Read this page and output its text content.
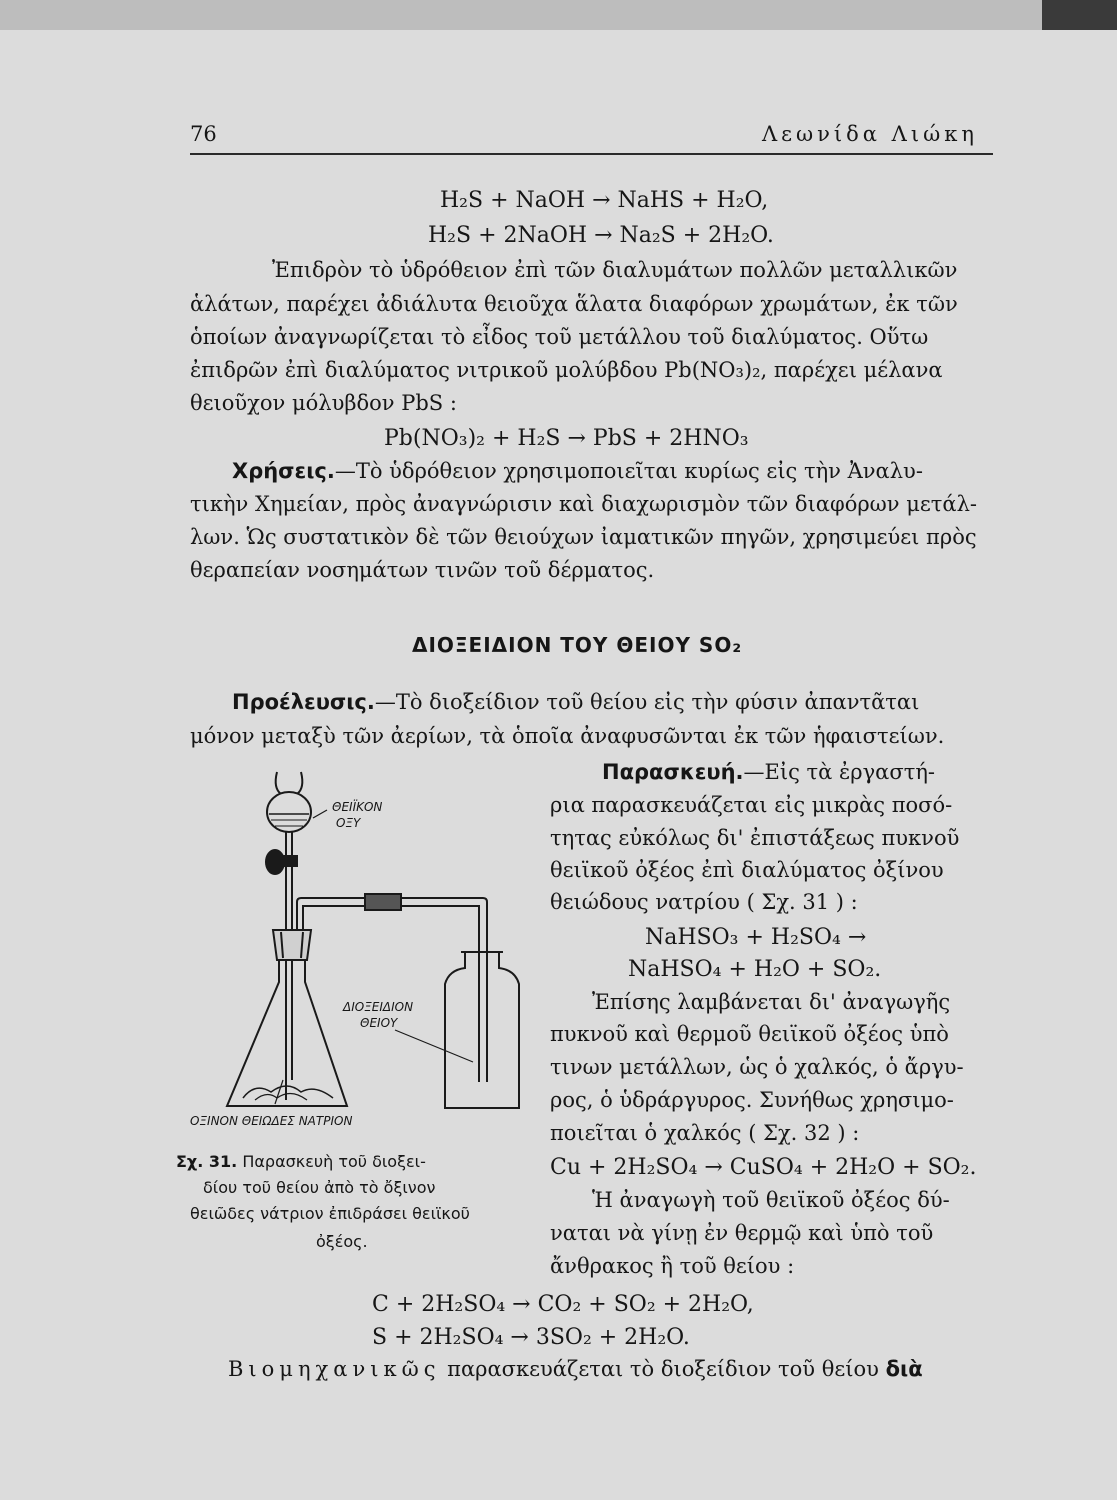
76	Λεωνίδα Λιώκη
H₂S + NaOH → NaHS + H₂O,
H₂S + 2NaOH → Na₂S + 2H₂O.
Ἐπιδρὸν τὸ ὑδρόθειον ἐπὶ τῶν διαλυμάτων πολλῶν μεταλλικῶν
ἁλάτων, παρέχει ἀδιάλυτα θειοῦχα ἅλατα διαφόρων χρωμάτων, ἐκ τῶν
ὁποίων ἀναγνωρίζεται τὸ εἶδος τοῦ μετάλλου τοῦ διαλύματος. Οὕτω
ἐπιδρῶν ἐπὶ διαλύματος νιτρικοῦ μολύβδου Pb(NO₃)₂, παρέχει μέλανα
θειοῦχον μόλυβδον PbS :
Pb(NO₃)₂ + H₂S → PbS + 2HNO₃
Χρήσεις.—Τὸ ὑδρόθειον χρησιμοποιεῖται κυρίως εἰς τὴν Ἀναλυ-
τικὴν Χημείαν, πρὸς ἀναγνώρισιν καὶ διαχωρισμὸν τῶν διαφόρων μετάλ-
λων. Ὡς συστατικὸν δὲ τῶν θειούχων ἰαματικῶν πηγῶν, χρησιμεύει πρὸς
θεραπείαν νοσημάτων τινῶν τοῦ δέρματος.
ΔΙΟΞΕΙΔΙΟΝ ΤΟΥ ΘΕΙΟΥ SO₂
Προέλευσις.—Τὸ διοξείδιον τοῦ θείου εἰς τὴν φύσιν ἀπαντᾶται
μόνον μεταξὺ τῶν ἀερίων, τὰ ὁποῖα ἀναφυσῶνται ἐκ τῶν ἡφαιστείων.
Παρασκευή.—Εἰς τὰ ἐργαστή-
ρια παρασκευάζεται εἰς μικρὰς ποσό-
τητας εὐκόλως δι' ἐπιστάξεως πυκνοῦ
θειϊκοῦ ὀξέος ἐπὶ διαλύματος ὀξίνου
θειώδους νατρίου ( Σχ. 31 ) :
NaHSO₃ + H₂SO₄ →
NaHSO₄ + H₂O + SO₂.
Ἐπίσης λαμβάνεται δι' ἀναγωγῆς
πυκνοῦ καὶ θερμοῦ θειϊκοῦ ὀξέος ὑπὸ
τινων μετάλλων, ὡς ὁ χαλκός, ὁ ἄργυ-
ρος, ὁ ὑδράργυρος. Συνήθως χρησιμο-
ποιεῖται ὁ χαλκός ( Σχ. 32 ) :
Cu + 2H₂SO₄ → CuSO₄ + 2H₂O + SO₂.
Ἡ ἀναγωγὴ τοῦ θειϊκοῦ ὀξέος δύ-
ναται νὰ γίνῃ ἐν θερμῷ καὶ ὑπὸ τοῦ
ἄνθρακος ἢ τοῦ θείου :
C + 2H₂SO₄ → CO₂ + SO₂ + 2H₂O,
S + 2H₂SO₄ → 3SO₂ + 2H₂O.
Βιομηχανικῶς παρασκευάζεται τὸ διοξείδιον τοῦ θείου διὰ
ΘΕΙΪΚΟΝ
ΟΞΥ
ΔΙΟΞΕΙΔΙΟΝ
ΘΕΙΟΥ
ΟΞΙΝΟΝ ΘΕΙΩΔΕΣ ΝΑΤΡΙΟΝ
Σχ. 31. Παρασκευὴ τοῦ διοξει-
δίου τοῦ θείου ἀπὸ τὸ ὄξινον
θειῶδες νάτριον ἐπιδράσει θειϊκοῦ
ὀξέος.
